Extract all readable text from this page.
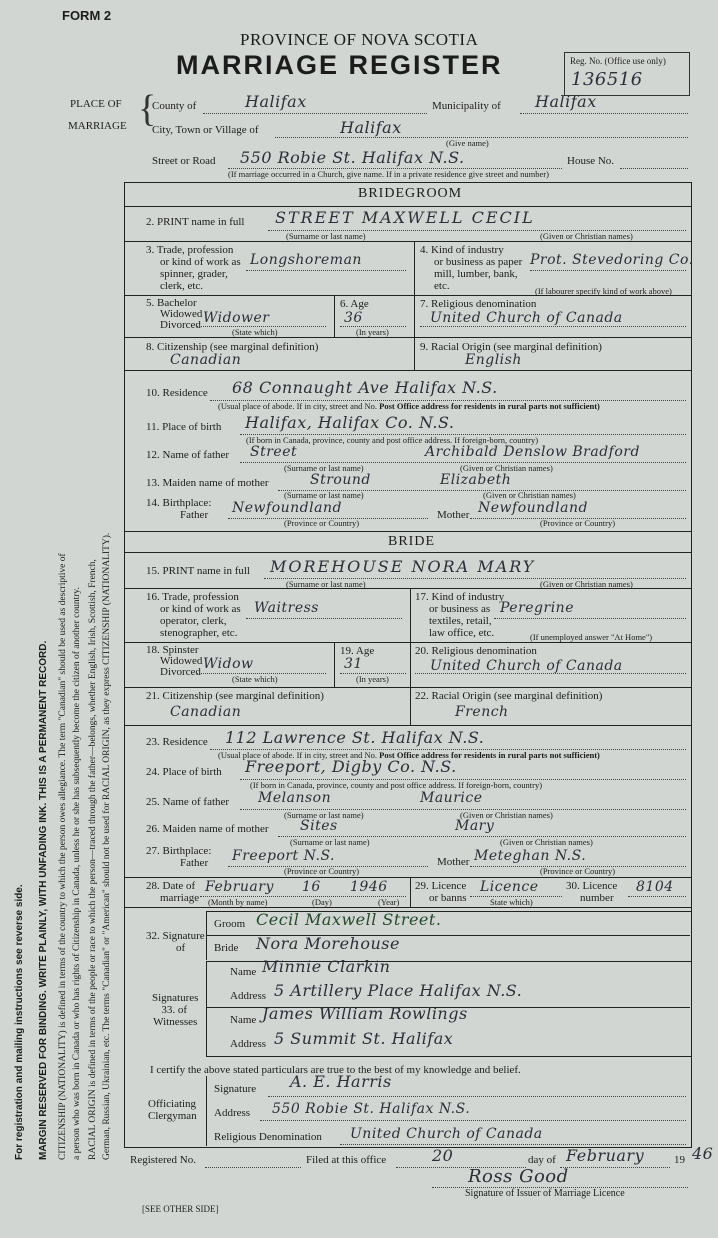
FORM 2
PROVINCE OF NOVA SCOTIA
MARRIAGE REGISTER	Reg. No. (Office use only)
136516
PLACE OF
MARRIAGE {
County of	Halifax	Municipality of Halifax
City, Town or Village of	Halifax
(Give name)
Street or Road 550 Robie St. Halifax N.S.	House No.
(If marriage occurred in a Church, give name. If in a private residence give street and number)
For registration and mailing instructions see reverse side. MARGIN RESERVED FOR BINDING. WRITE PLAINLY, WITH UNFADING INK. THIS IS A PERMANENT RECORD. CITIZENSHIP (NATIONALITY) is defined in terms of the country to which the person owes allegiance. The term "Canadian" should be used as descriptive of a person who was born in Canada or who has rights of Citizenship in Canada, unless he or she has subsequently become the citizen of another country. RACIAL ORIGIN is defined in terms of the people or race to which the person—traced through the father—belongs, whether English, Irish, Scottish, French, German, Russian, Ukrainian, etc. The terms "Canadian" or "American" should not be used for RACIAL ORIGIN, as they express CITIZENSHIP (NATIONALITY).
BRIDEGROOM
2. PRINT name in full STREET MAXWELL CECIL
(Surname or last name)	(Given or Christian names)
3. Trade, profession
or kind of work as
spinner, grader,
clerk, etc.
Longshoreman
4. Kind of industry
or business as paper
mill, lumber, bank,
etc.
Prot. Stevedoring Co.
(If labourer specify kind of work above)
5. Bachelor
Widowed
Divorced Widower
(State which)
6. Age
36
(In years)
7. Religious denomination
United Church of Canada
8. Citizenship (see marginal definition)
Canadian
9. Racial Origin (see marginal definition)
English
10. Residence 68 Connaught Ave Halifax N.S.
(Usual place of abode. If in city, street and No. Post Office address for residents in rural parts not sufficient)
11. Place of birth Halifax, Halifax Co. N.S.
(If born in Canada, province, county and post office address. If foreign-born, country)
12. Name of father Street	Archibald Denslow Bradford
(Surname or last name)	(Given or Christian names)
13. Maiden name of mother	Stround	Elizabeth
(Surname or last name)	(Given or Christian names)
14. Birthplace:
Father Newfoundland
(Province or Country)
Mother Newfoundland
(Province or Country)
BRIDE
15. PRINT name in full MOREHOUSE NORA MARY
(Surname or last name)	(Given or Christian names)
16. Trade, profession
or kind of work as
operator, clerk,
stenographer, etc.
Waitress
17. Kind of industry
or business as
textiles, retail,
law office, etc.
Peregrine
(If unemployed answer "At Home")
18. Spinster
Widowed
Divorced Widow
(State which)
19. Age
31
(In years)
20. Religious denomination
United Church of Canada
21. Citizenship (see marginal definition)
Canadian
22. Racial Origin (see marginal definition)
French
23. Residence 112 Lawrence St. Halifax N.S.
(Usual place of abode. If in city, street and No. Post Office address for residents in rural parts not sufficient)
24. Place of birth Freeport, Digby Co. N.S.
(If born in Canada, province, county and post office address. If foreign-born, country)
25. Name of father Melanson	Maurice
(Surname or last name)	(Given or Christian names)
26. Maiden name of mother Sites	Mary
(Surname or last name)	(Given or Christian names)
27. Birthplace:
Father Freeport N.S.
(Province or Country)
Mother Meteghan N.S.
(Province or Country)
28. Date of
marriage
February 16 1946
(Month by name)	(Day)	(Year)
29. Licence
or banns
Licence
State which)
30. Licence
number
8104
32. Signature
of
Groom Cecil Maxwell Street.
Bride Nora Morehouse
Signatures
33. of
Witnesses
Name Minnie Clarkin
Address 5 Artillery Place Halifax N.S.
Name James William Rowlings
Address 5 Summit St. Halifax
I certify the above stated particulars are true to the best of my knowledge and belief.
Officiating
Clergyman
Signature A. E. Harris
Address 550 Robie St. Halifax N.S.
Religious Denomination United Church of Canada
Registered No.	Filed at this office	20	day of February	19 46
Ross Good
Signature of Issuer of Marriage Licence
[SEE OTHER SIDE]
